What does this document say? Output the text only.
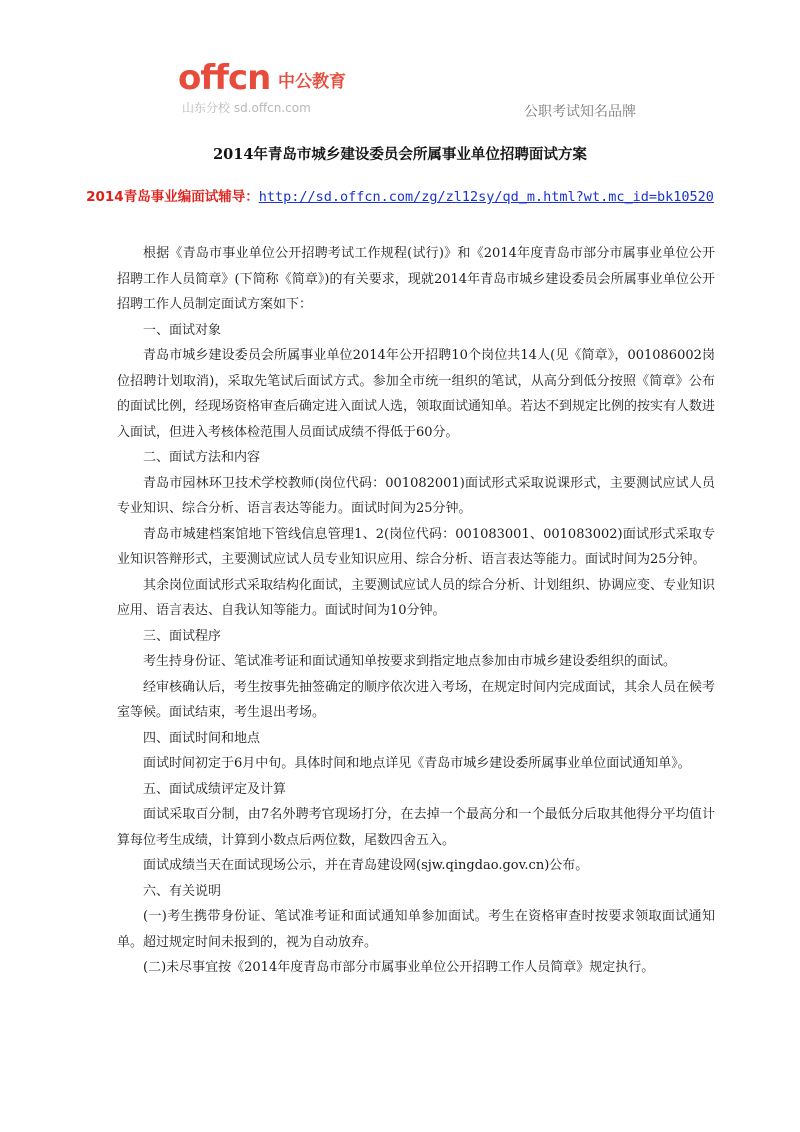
offcn 中公教育
山东分校 sd.offcn.com	公职考试知名品牌
2014年青岛市城乡建设委员会所属事业单位招聘面试方案
2014青岛事业编面试辅导：http://sd.offcn.com/zg/zl12sy/qd_m.html?wt.mc_id=bk10520

根据《青岛市事业单位公开招聘考试工作规程(试行)》和《2014年度青岛市部分市属事业单位公开招聘工作人员简章》(下简称《简章》)的有关要求，现就2014年青岛市城乡建设委员会所属事业单位公开招聘工作人员制定面试方案如下：

一、面试对象

青岛市城乡建设委员会所属事业单位2014年公开招聘10个岗位共14人(见《简章》，001086002岗位招聘计划取消)，采取先笔试后面试方式。参加全市统一组织的笔试，从高分到低分按照《简章》公布的面试比例，经现场资格审查后确定进入面试人选，领取面试通知单。若达不到规定比例的按实有人数进入面试，但进入考核体检范围人员面试成绩不得低于60分。

二、面试方法和内容

青岛市园林环卫技术学校教师(岗位代码：001082001)面试形式采取说课形式，主要测试应试人员专业知识、综合分析、语言表达等能力。面试时间为25分钟。

青岛市城建档案馆地下管线信息管理1、2(岗位代码：001083001、001083002)面试形式采取专业知识答辩形式，主要测试应试人员专业知识应用、综合分析、语言表达等能力。面试时间为25分钟。

其余岗位面试形式采取结构化面试，主要测试应试人员的综合分析、计划组织、协调应变、专业知识应用、语言表达、自我认知等能力。面试时间为10分钟。

三、面试程序

考生持身份证、笔试准考证和面试通知单按要求到指定地点参加由市城乡建设委组织的面试。

经审核确认后，考生按事先抽签确定的顺序依次进入考场，在规定时间内完成面试，其余人员在候考室等候。面试结束，考生退出考场。

四、面试时间和地点

面试时间初定于6月中旬。具体时间和地点详见《青岛市城乡建设委所属事业单位面试通知单》。

五、面试成绩评定及计算

面试采取百分制，由7名外聘考官现场打分，在去掉一个最高分和一个最低分后取其他得分平均值计算每位考生成绩，计算到小数点后两位数，尾数四舍五入。

面试成绩当天在面试现场公示，并在青岛建设网(sjw.qingdao.gov.cn)公布。

六、有关说明

(一)考生携带身份证、笔试准考证和面试通知单参加面试。考生在资格审查时按要求领取面试通知单。超过规定时间未报到的，视为自动放弃。

(二)未尽事宜按《2014年度青岛市部分市属事业单位公开招聘工作人员简章》规定执行。
